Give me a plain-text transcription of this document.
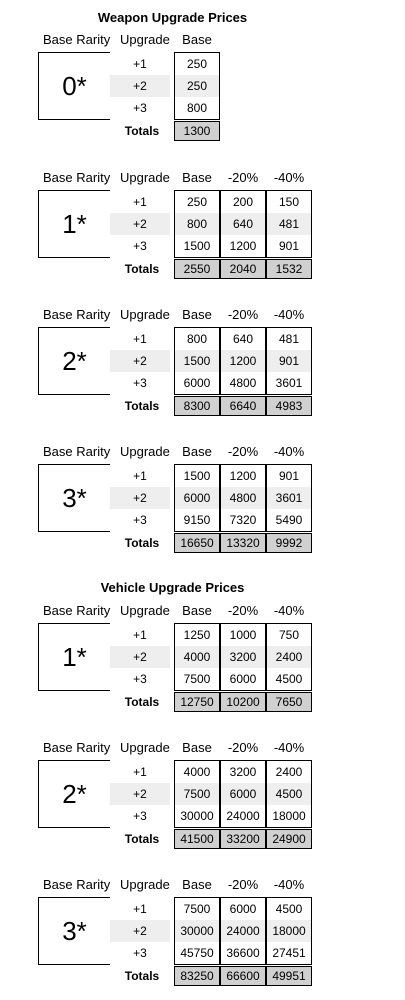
Weapon Upgrade Prices
Vehicle Upgrade Prices
Base Rarity Upgrade Base
0*
+1	250
+2	250
+3	800
Totals	1300
Base Rarity Upgrade Base	-20%	-40%
1*
+1	250	200	150
+2	800	640	481
+3	1500	1200	901
Totals	2550	2040	1532
Base Rarity Upgrade Base	-20%	-40%
2*
+1	800	640	481
+2	1500	1200	901
+3	6000	4800	3601
Totals	8300	6640	4983
Base Rarity Upgrade Base	-20%	-40%
3*
+1	1500	1200	901
+2	6000	4800	3601
+3	9150	7320	5490
Totals	16650	13320	9992
Base Rarity Upgrade Base	-20%	-40%
1*
+1	1250	1000	750
+2	4000	3200	2400
+3	7500	6000	4500
Totals	12750	10200	7650
Base Rarity Upgrade Base	-20%	-40%
2*
+1	4000	3200	2400
+2	7500	6000	4500
+3	30000	24000	18000
Totals	41500	33200	24900
Base Rarity Upgrade Base	-20%	-40%
3*
+1	7500	6000	4500
+2	30000	24000	18000
+3	45750	36600	27451
Totals	83250	66600	49951
